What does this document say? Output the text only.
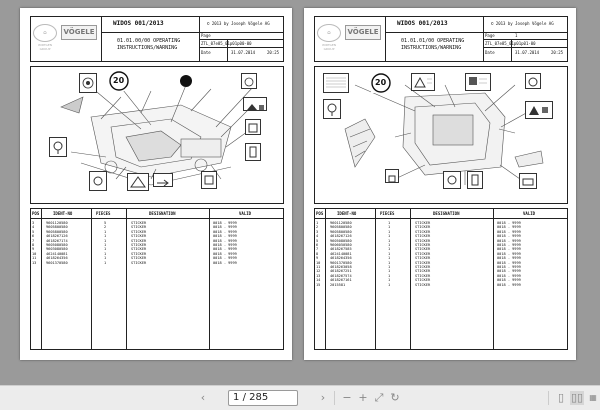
⬭
WIRTGEN GROUP
VÖGELE
WIDOS 001/2013	© 2013 by Joseph Vögele AG
Page
01.01.00/00 OPERATING
INSTRUCTIONS/WARNING
ZTL_07e85_01p01p00-00
Date	31.07.2014	20:25
20
POS	IDENT-NO	PIECES	DESIGNATION	VALID
3	9601120580	5	STICKER	0018 - 9999
4	9605800580	2	STICKER	0018 - 9999
5	9605800580	1	STICKER	0018 - 9999
6	4618267126	1	STICKER	0018 - 9999
7	4618267174	1	STICKER	0018 - 9999
8	9605080580	1	STICKER	0018 - 9999
9	9603080580	1	STICKER	0018 - 9999
10	4624140081	1	STICKER	0018 - 9999
11	4618264356	1	STICKER	0018 - 9999
13	9601370580	1	STICKER	0018 - 9999
⬭
WIRTGEN GROUP
VÖGELE
WIDOS 001/2013	© 2013 by Joseph Vögele AG
Page	1
01.01.01/00 OPERATING
INSTRUCTIONS/WARNING
ZTL_07e85_01p01p01-00
Date	31.07.2014	20:25
20
POS	IDENT-NO	PIECES	DESIGNATION	VALID
1	9601120580	1	STICKER	0018 - 9999
2	9605800580	1	STICKER	0018 - 9999
3	9605800580	1	STICKER	0018 - 9999
4	4618267126	1	STICKER	0018 - 9999
5	9605080580	1	STICKER	0018 - 9999
6	9606050580	1	STICKER	0018 - 9999
7	4618267585	1	STICKER	0018 - 9999
8	4624140081	1	STICKER	0018 - 9999
9	4618264356	1	STICKER	0018 - 9999
10	9601370580	1	STICKER	0018 - 9999
11	4618263058	1	STICKER	0018 - 9999
12	4618267251	1	STICKER	0018 - 9999
13	4618267574	1	STICKER	0018 - 9999
14	4618267161	1	STICKER	0018 - 9999
15	2015581	1	STICKER	0018 - 9999
‹	1 / 285	›	− + ⤢ ↻	▯ ▯▯ ▦
